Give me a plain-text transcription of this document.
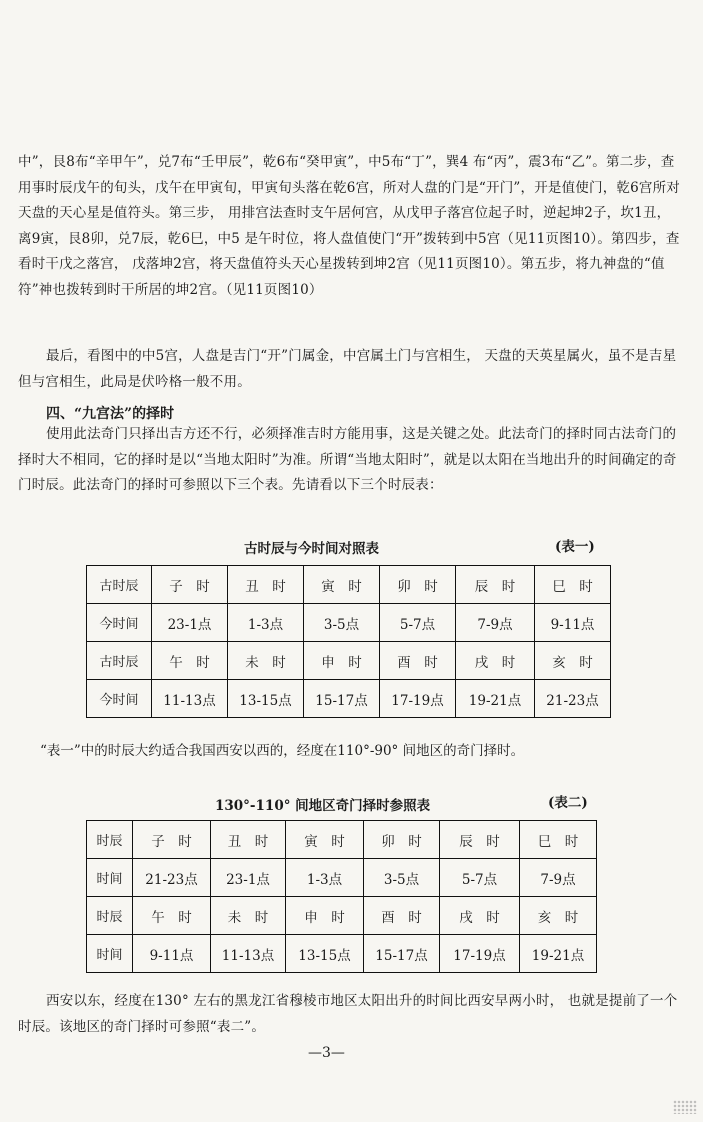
中”，艮8布“辛甲午”，兑7布“壬甲辰”，乾6布“癸甲寅”，中5布“丁”，巽4 布“丙”，震3布“乙”。第二步，查用事时辰戊午的旬头，戊午在甲寅旬，甲寅旬头落在乾6宫，所对人盘的门是“开门”，开是值使门，乾6宫所对天盘的天心星是值符头。第三步， 用排宫法查时支午居何宫，从戊甲子落宫位起子时，逆起坤2子，坎1丑，离9寅，艮8卯，兑7辰，乾6巳，中5 是午时位，将人盘值使门“开”拨转到中5宫（见11页图10）。第四步，查看时干戊之落宫， 戊落坤2宫，将天盘值符头天心星拨转到坤2宫（见11页图10）。第五步，将九神盘的“值符”神也拨转到时干所居的坤2宫。（见11页图10）

最后，看图中的中5宫，人盘是吉门“开”门属金，中宫属土门与宫相生， 天盘的天英星属火，虽不是吉星但与宫相生，此局是伏吟格一般不用。

四、“九宫法”的择时

使用此法奇门只择出吉方还不行，必须择准吉时方能用事，这是关键之处。此法奇门的择时同古法奇门的择时大不相同，它的择时是以“当地太阳时”为准。所谓“当地太阳时”，就是以太阳在当地出升的时间确定的奇门时辰。此法奇门的择时可参照以下三个表。先请看以下三个时辰表：

古时辰与今时间对照表	(表一)
古时辰	子　时	丑　时	寅　时	卯　时	辰　时	巳　时
今时间	23-1点	1-3点	3-5点	5-7点	7-9点	9-11点
古时辰	午　时	未　时	申　时	酉　时	戌　时	亥　时
今时间	11-13点	13-15点	15-17点	17-19点	19-21点	21-23点
“表一”中的时辰大约适合我国西安以西的，经度在110°-90° 间地区的奇门择时。
130°-110° 间地区奇门择时参照表	(表二)
时辰	子　时	丑　时	寅　时	卯　时	辰　时	巳　时
时间	21-23点	23-1点	1-3点	3-5点	5-7点	7-9点
时辰	午　时	未　时	申　时	酉　时	戌　时	亥　时
时间	9-11点	11-13点	13-15点	15-17点	17-19点	19-21点

西安以东，经度在130° 左右的黑龙江省穆棱市地区太阳出升的时间比西安早两小时， 也就是提前了一个时辰。该地区的奇门择时可参照“表二”。

—3—
